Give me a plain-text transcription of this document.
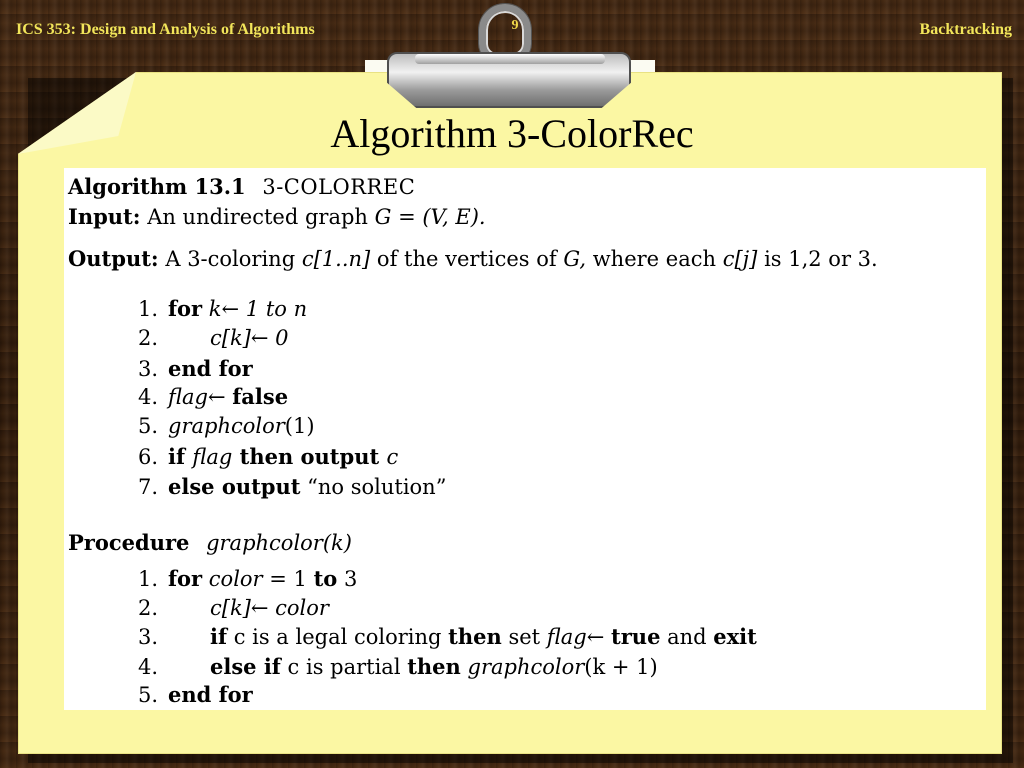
ICS 353: Design and Analysis of Algorithms	Backtracking
9
Algorithm 3-ColorRec
Algorithm 13.1 3-COLORREC
Input: An undirected graph G = (V, E).
Output: A 3-coloring c[1..n] of the vertices of G, where each c[j] is 1,2 or 3.
1. for k← 1 to n
2. c[k]← 0
3. end for
4. flag← false
5. graphcolor(1)
6. if flag then output c
7. else output “no solution”
Procedure graphcolor(k)
1. for color = 1 to 3
2. c[k]← color
3. if c is a legal coloring then set flag← true and exit
4. else if c is partial then graphcolor(k + 1)
5. end for
